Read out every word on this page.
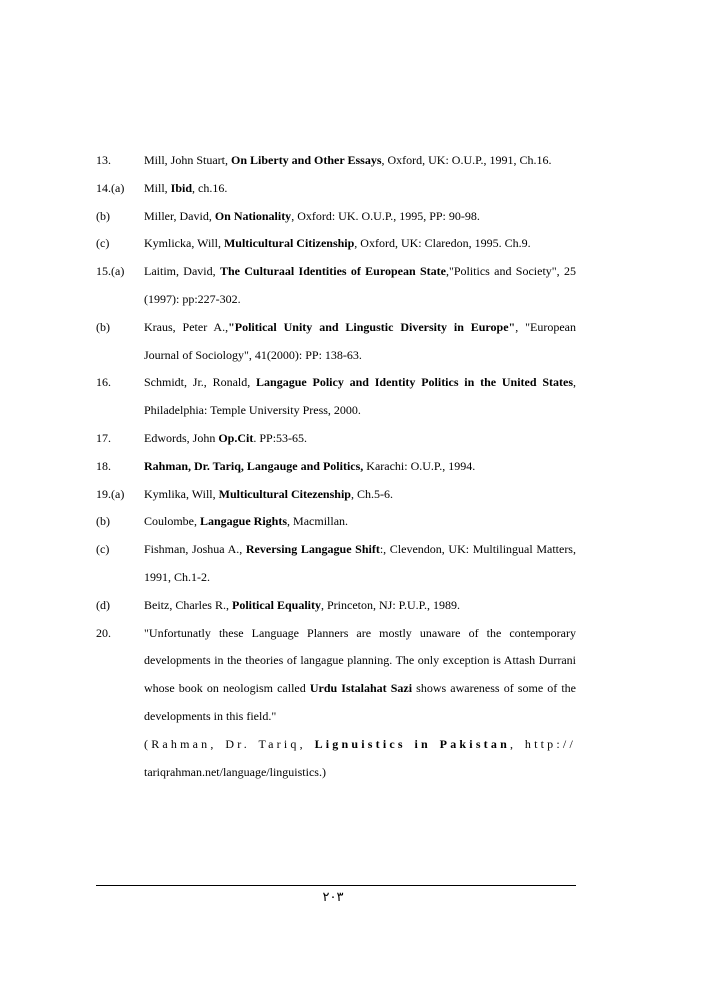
13.	Mill, John Stuart, On Liberty and Other Essays, Oxford, UK: O.U.P., 1991, Ch.16.
14.(a)	Mill, Ibid, ch.16.
(b)	Miller, David, On Nationality, Oxford: UK. O.U.P., 1995, PP: 90-98.
(c)	Kymlicka, Will, Multicultural Citizenship, Oxford, UK: Claredon, 1995. Ch.9.
15.(a)	Laitim, David, The Culturaal Identities of European State,"Politics and Society", 25 (1997): pp:227-302.
(b)	Kraus, Peter A.,"Political Unity and Lingustic Diversity in Europe", "European Journal of Sociology", 41(2000): PP: 138-63.
16.	Schmidt, Jr., Ronald, Langague Policy and Identity Politics in the United States, Philadelphia: Temple University Press, 2000.
17.	Edwords, John Op.Cit. PP:53-65.
18.	Rahman, Dr. Tariq, Langauge and Politics, Karachi: O.U.P., 1994.
19.(a)	Kymlika, Will, Multicultural Citezenship, Ch.5-6.
(b)	Coulombe, Langague Rights, Macmillan.
(c)	Fishman, Joshua A., Reversing Langague Shift:, Clevendon, UK: Multilingual Matters, 1991, Ch.1-2.
(d)	Beitz, Charles R., Political Equality, Princeton, NJ: P.U.P., 1989.
20.	"Unfortunatly these Language Planners are mostly unaware of the contemporary developments in the theories of langague planning. The only exception is Attash Durrani whose book on neologism called Urdu Istalahat Sazi shows awareness of some of the developments in this field."
(Rahman, Dr. Tariq, Lignuistics in Pakistan, http://
tariqrahman.net/language/linguistics.)
۲۰۳
